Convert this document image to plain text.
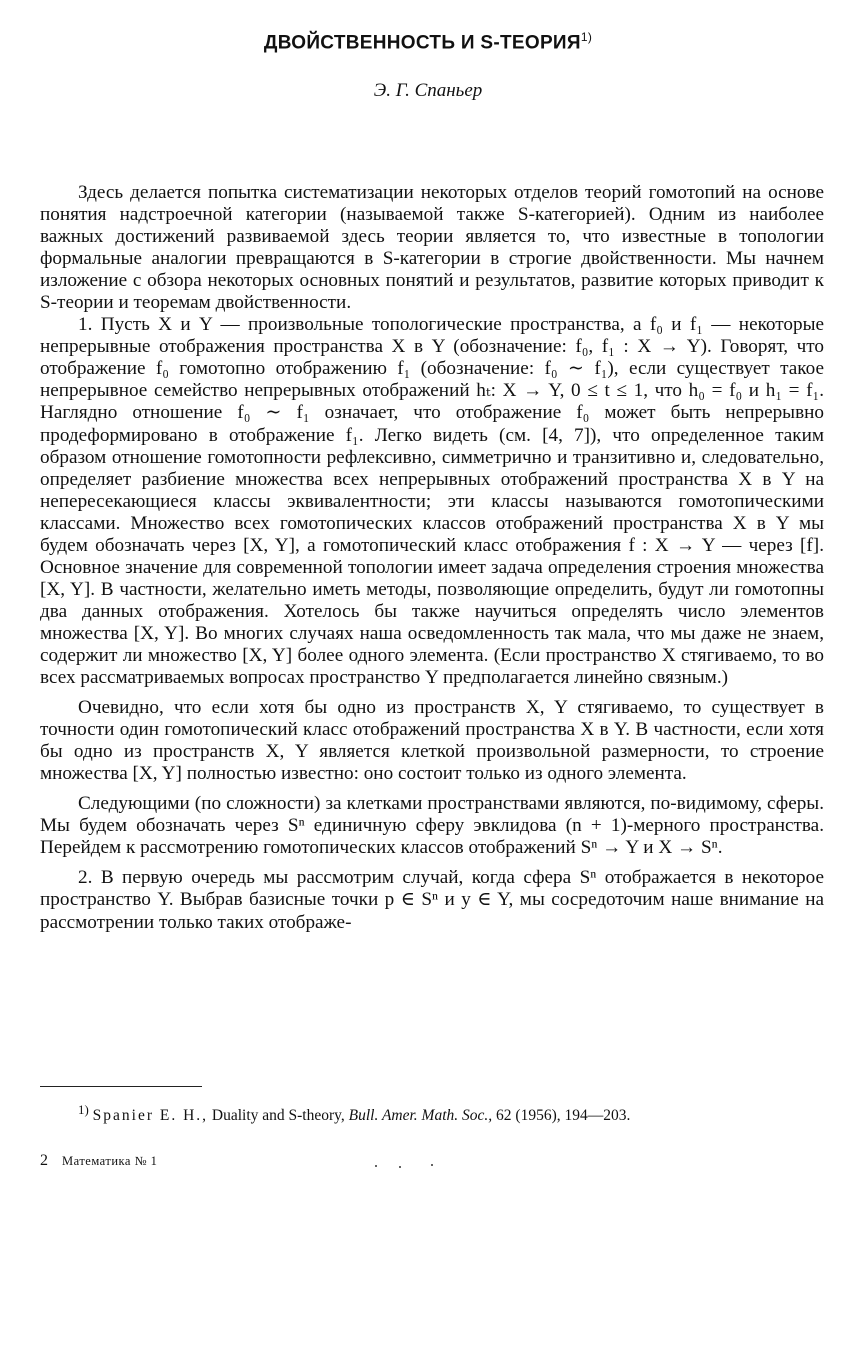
ДВОЙСТВЕННОСТЬ И S-ТЕОРИЯ$^{1)}$
Э. Г. Спаньер

Здесь делается попытка систематизации некоторых отделов теорий гомотопий на основе понятия надстроечной категории (называемой также S-категорией). Одним из наиболее важных достижений развиваемой здесь теории является то, что известные в топологии формальные аналогии превращаются в S-категории в строгие двойственности. Мы начнем изложение с обзора некоторых основных понятий и результатов, развитие которых приводит к S-теории и теоремам двойственности.

1. Пусть X и Y — произвольные топологические пространства, а f₀ и f₁ — некоторые непрерывные отображения пространства X в Y (обозначение: f₀, f₁ : X → Y). Говорят, что отображение f₀ гомотопно отображению f₁ (обозначение: f₀ ∼ f₁), если существует такое непрерывное семейство непрерывных отображений hₜ: X → Y, 0 ≤ t ≤ 1, что h₀ = f₀ и h₁ = f₁. Наглядно отношение f₀ ∼ f₁ означает, что отображение f₀ может быть непрерывно продеформировано в отображение f₁. Легко видеть (см. [4, 7]), что определенное таким образом отношение гомотопности рефлексивно, симметрично и транзитивно и, следовательно, определяет разбиение множества всех непрерывных отображений пространства X в Y на непересекающиеся классы эквивалентности; эти классы называются гомотопическими классами. Множество всех гомотопических классов отображений пространства X в Y мы будем обозначать через [X, Y], а гомотопический класс отображения f : X → Y — через [f]. Основное значение для современной топологии имеет задача определения строения множества [X, Y]. В частности, желательно иметь методы, позволяющие определить, будут ли гомотопны два данных отображения. Хотелось бы также научиться определять число элементов множества [X, Y]. Во многих случаях наша осведомленность так мала, что мы даже не знаем, содержит ли множество [X, Y] более одного элемента. (Если пространство X стягиваемо, то во всех рассматриваемых вопросах пространство Y предполагается линейно связным.)

Очевидно, что если хотя бы одно из пространств X, Y стягиваемо, то существует в точности один гомотопический класс отображений пространства X в Y. В частности, если хотя бы одно из пространств X, Y является клеткой произвольной размерности, то строение множества [X, Y] полностью известно: оно состоит только из одного элемента.

Следующими (по сложности) за клетками пространствами являются, по-видимому, сферы. Мы будем обозначать через Sⁿ единичную сферу эвклидова (n + 1)-мерного пространства. Перейдем к рассмотрению гомотопических классов отображений Sⁿ → Y и X → Sⁿ.

2. В первую очередь мы рассмотрим случай, когда сфера Sⁿ отображается в некоторое пространство Y. Выбрав базисные точки p ∈ Sⁿ и y ∈ Y, мы сосредоточим наше внимание на рассмотрении только таких отображе-

$^{1)}$ Spanier E. H., Duality and S-theory, Bull. Amer. Math. Soc., 62 (1956), 194—203.
2 Математика № 1
